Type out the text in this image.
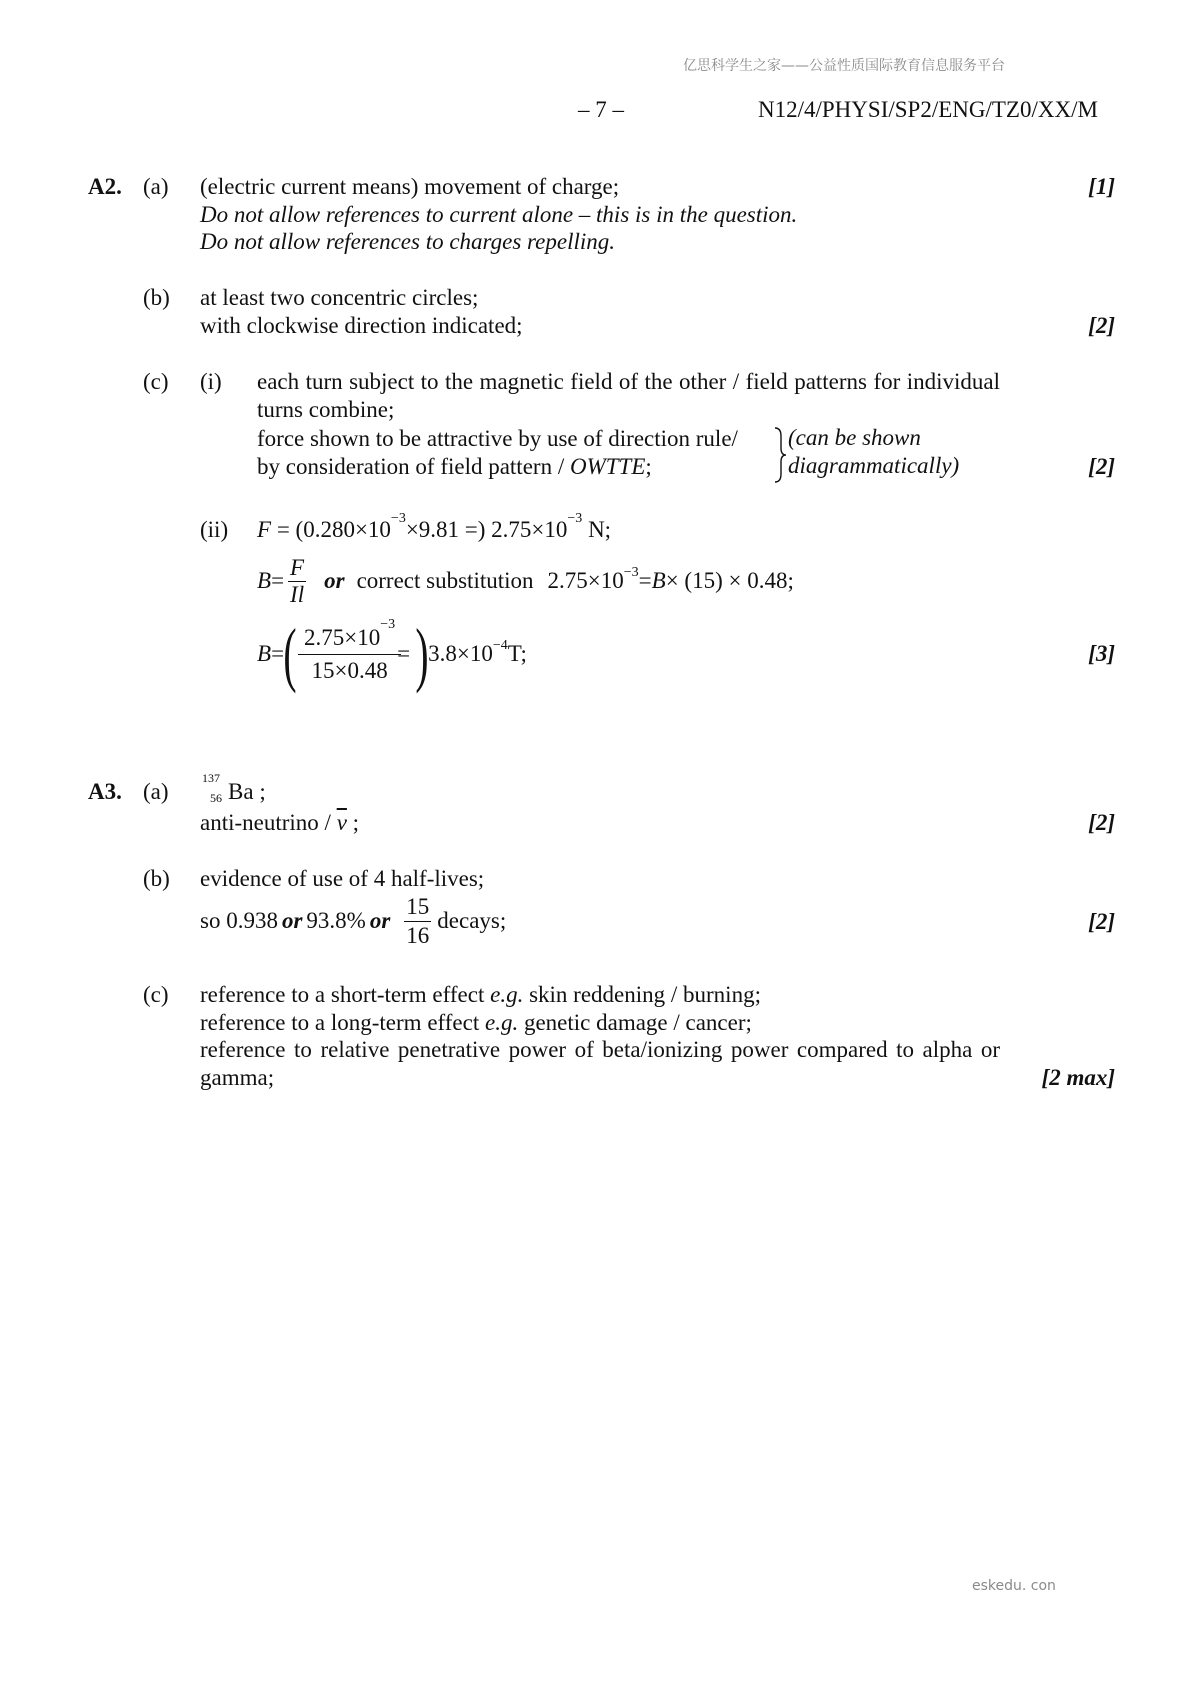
亿思科学生之家——公益性质国际教育信息服务平台
– 7 –	N12/4/PHYSI/SP2/ENG/TZ0/XX/M
A2. (a) (electric current means) movement of charge;
Do not allow references to current alone – this is in the question.
Do not allow references to charges repelling.
[1]
(b) at least two concentric circles;
with clockwise direction indicated;	[2]
(c) (i) each turn subject to the magnetic field of the other / field patterns for individual turns combine;
force shown to be attractive by use of direction rule/
by consideration of field pattern / OWTTE;
(can be shown
diagrammatically)	[2]
(ii) $F = (0.280\times 10^{-3}\times 9.81$ =) $2.75\times 10^{-3}$ N;
$B = \frac{F}{Il}$ or correct substitution $2.75\times 10^{-3} = B \times (15) \times 0.48$;
B = ( $\frac{2.75\times 10^{-3}}{15\times 0.48}$
= ) $3.8\times 10^{-4}$ T;	[3]
A3. (a)
137
56 Ba ;
anti-neutrino / $\overline{v}$ ;	[2]
(b) evidence of use of 4 half-lives;
so 0.938 or 93.8% or $\frac{15}{16}$ decays;	[2]
(c) reference to a short-term effect e.g. skin reddening / burning;
reference to a long-term effect e.g. genetic damage / cancer;
reference to relative penetrative power of beta/ionizing power compared to alpha or gamma;	[2 max]
eskedu. con
